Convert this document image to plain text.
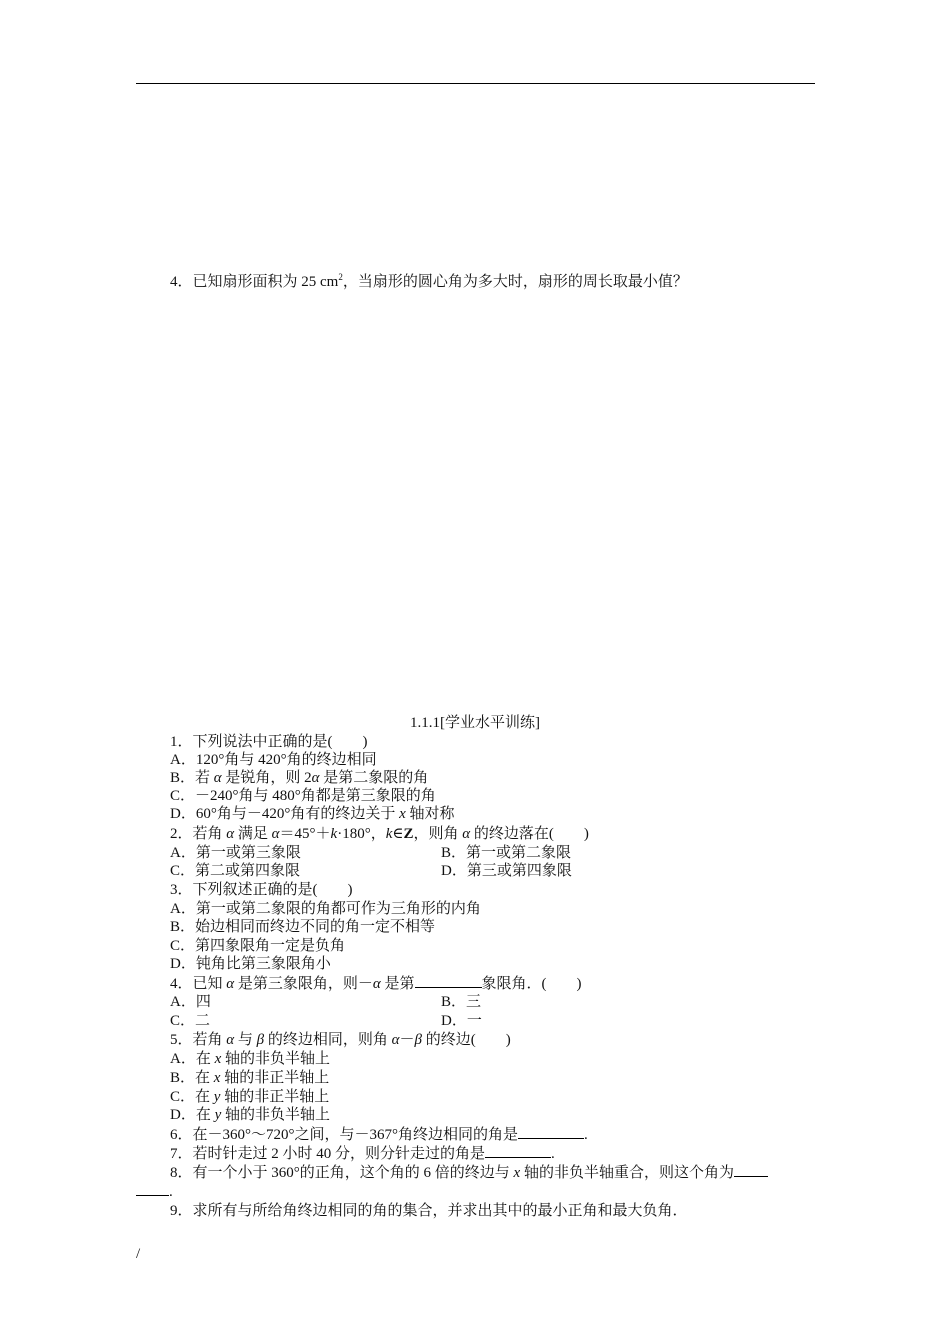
4．已知扇形面积为 25 $cm^2$，当扇形的圆心角为多大时，扇形的周长取最小值？
1.1.1[学业水平训练]
1．下列说法中正确的是(　　)
A．120°角与 420°角的终边相同
B．若 α 是锐角，则 2α 是第二象限的角
C．－240°角与 480°角都是第三象限的角
D．60°角与－420°角有的终边关于 x 轴对称
2．若角 α 满足 α＝45°＋k·180°，k∈Z，则角 α 的终边落在(　　)
A．第一或第三象限	B．第一或第二象限
C．第二或第四象限	D．第三或第四象限
3．下列叙述正确的是(　　)
A．第一或第二象限的角都可作为三角形的内角
B．始边相同而终边不同的角一定不相等
C．第四象限角一定是负角
D．钝角比第三象限角小
4．已知 α 是第三象限角，则－α 是第	象限角．(　　)
A．四	B．三
C．二	D．一
5．若角 α 与 β 的终边相同，则角 α－β 的终边(　　)
A．在 x 轴的非负半轴上
B．在 x 轴的非正半轴上
C．在 y 轴的非正半轴上
D．在 y 轴的非负半轴上
6．在－360°～720°之间，与－367°角终边相同的角是	.
7．若时针走过 2 小时 40 分，则分针走过的角是	.
8．有一个小于 360°的正角，这个角的 6 倍的终边与 x 轴的非负半轴重合，则这个角为
.
9．求所有与所给角终边相同的角的集合，并求出其中的最小正角和最大负角．
/
